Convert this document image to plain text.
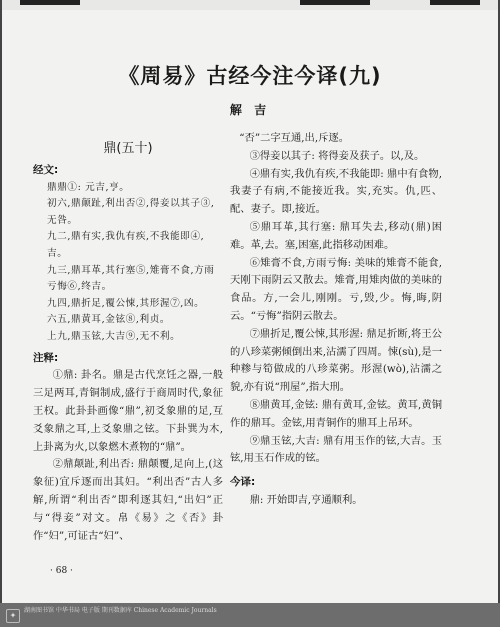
《周易》古经今注今译(九)
解 吉
鼎(五十)
经文:

鼎鼎①: 元吉,亨。

初六,鼎颠趾,利出否②,得妾以其子③,无咎。

九二,鼎有实,我仇有疾,不我能即④,吉。

九三,鼎耳革,其行塞⑤,雉膏不食,方雨亏悔⑥,终吉。

九四,鼎折足,覆公悚,其形渥⑦,凶。

六五,鼎黄耳,金铉⑧,利贞。

上九,鼎玉铉,大吉⑨,无不利。

注释:

①鼎: 卦名。鼎是古代烹饪之器,一般三足两耳,青铜制成,盛行于商周时代,象征王权。此卦卦画像“鼎”,初爻象鼎的足,互爻象鼎之耳,上爻象鼎之铉。下卦巽为木,上卦离为火,以象燃木煮物的“鼎”。

②鼎颠趾,利出否: 鼎颠覆,足向上,(这象征)宜斥逐而出其妇。“利出否”古人多解,所谓“利出否”即利逐其妇,“出妇”正与“得妾”对文。帛《易》之《否》卦作“妇”,可证古“妇”、

“否”二字互通,出,斥逐。

③得妾以其子: 将得妾及获子。以,及。

④鼎有实,我仇有疾,不我能即: 鼎中有食物,我妻子有病,不能接近我。实,充实。仇,匹、配、妻子。即,接近。

⑤鼎耳革,其行塞: 鼎耳失去,移动(鼎)困难。革,去。塞,困塞,此指移动困难。

⑥雉膏不食,方雨亏悔: 美味的雉膏不能食,天刚下雨阴云又散去。雉膏,用雉肉做的美味的食品。方,一会儿,刚刚。亏,毁,少。悔,晦,阴云。“亏悔”指阴云散去。

⑦鼎折足,覆公悚,其形渥: 鼎足折断,将王公的八珍菜粥倾倒出来,沾濡了四周。悚(sù),是一种糁与筍做成的八珍菜粥。形渥(wò),沾濡之貌,亦有说“刑屋”,指大刑。

⑧鼎黄耳,金铉: 鼎有黄耳,金铉。黄耳,黄铜作的鼎耳。金铉,用青铜作的鼎耳上吊环。

⑨鼎玉铉,大吉: 鼎有用玉作的铉,大吉。玉铉,用玉石作成的铉。

今译:

鼎: 开始即吉,亨通顺利。

· 68 ·
✦
湖南图书馆 中华书局 电子版 期刊数据库 Chinese Academic Journals
